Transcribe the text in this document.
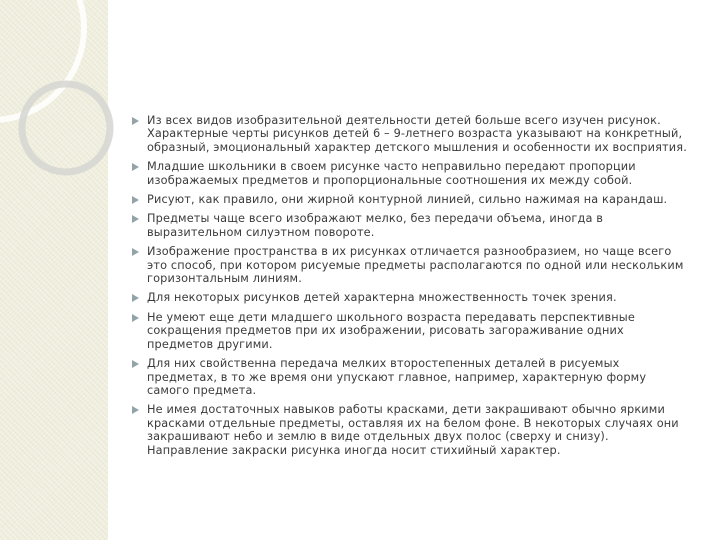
Из всех видов изобразительной деятельности детей больше всего изучен рисунок. Характерные черты рисунков детей 6 – 9-летнего возраста указывают на конкретный, образный, эмоциональный характер детского мышления и особенности их восприятия.
Младшие школьники в своем рисунке часто неправильно передают пропорции изображаемых предметов и пропорциональные соотношения их между собой.
Рисуют, как правило, они жирной контурной линией, сильно нажимая на карандаш.
Предметы чаще всего изображают мелко, без передачи объема, иногда в выразительном силуэтном повороте.
Изображение пространства в их рисунках отличается разнообразием, но чаще всего это способ, при котором рисуемые предметы располагаются по одной или нескольким горизонтальным линиям.
Для некоторых рисунков детей характерна множественность точек зрения.
Не умеют еще дети младшего школьного возраста передавать перспективные сокращения предметов при их изображении, рисовать загораживание одних предметов другими.
Для них свойственна передача мелких второстепенных деталей в рисуемых предметах, в то же время они упускают главное, например, характерную форму самого предмета.
Не имея достаточных навыков работы красками, дети закрашивают обычно яркими красками отдельные предметы, оставляя их на белом фоне. В некоторых случаях они закрашивают небо и землю в виде отдельных двух полос (сверху и снизу). Направление закраски рисунка иногда носит стихийный характер.
